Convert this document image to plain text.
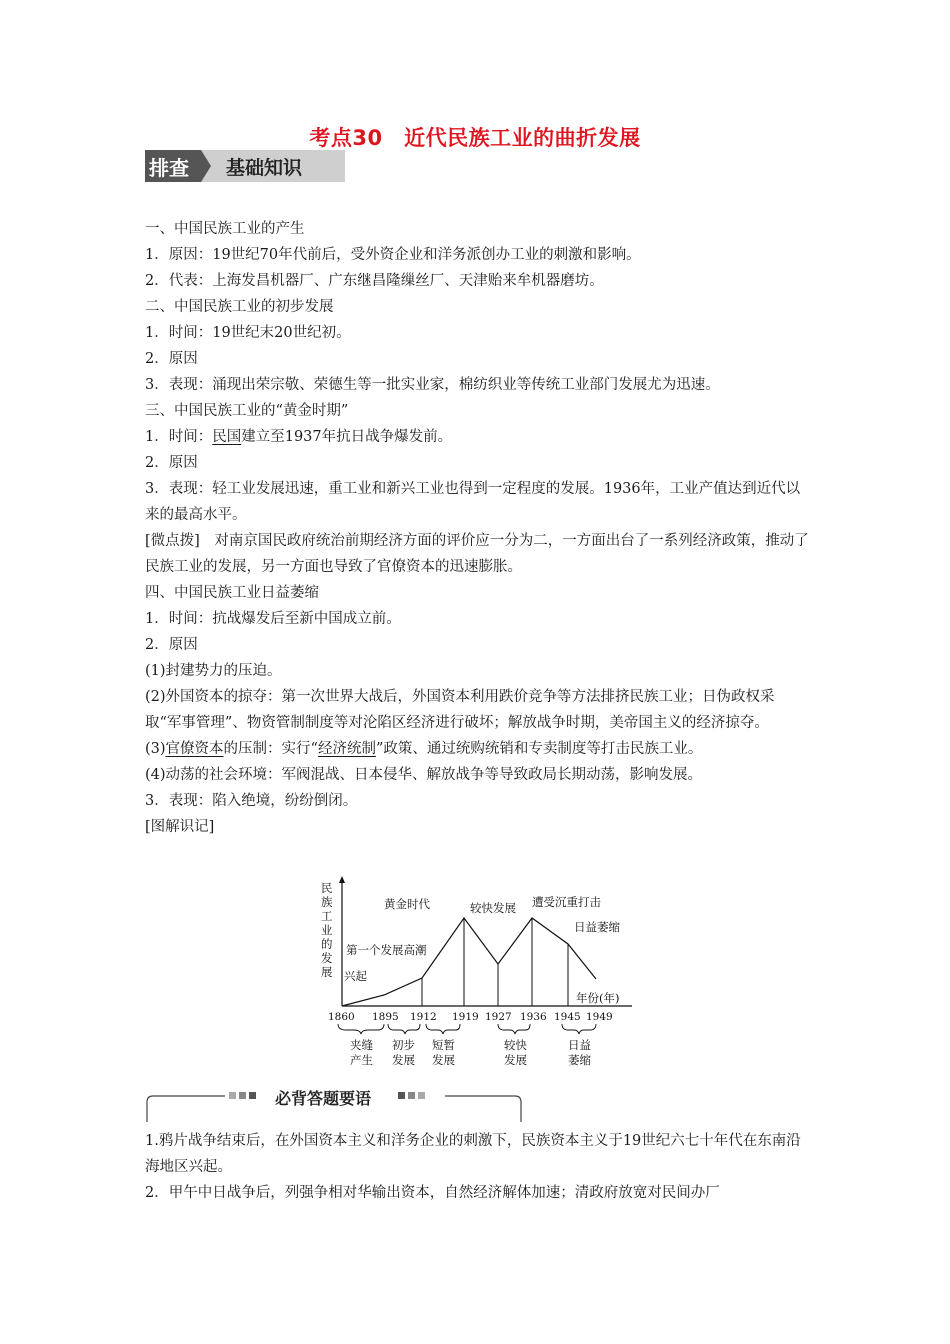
考点30　近代民族工业的曲折发展
排查 基础知识
一、中国民族工业的产生
1．原因：19世纪70年代前后，受外资企业和洋务派创办工业的刺激和影响。
2．代表：上海发昌机器厂、广东继昌隆缫丝厂、天津贻来牟机器磨坊。
二、中国民族工业的初步发展
1．时间：19世纪末20世纪初。
2．原因
3．表现：涌现出荣宗敬、荣德生等一批实业家，棉纺织业等传统工业部门发展尤为迅速。
三、中国民族工业的“黄金时期”
1．时间：民国建立至1937年抗日战争爆发前。
2．原因
3．表现：轻工业发展迅速，重工业和新兴工业也得到一定程度的发展。1936年，工业产值达到近代以来的最高水平。
[微点拨]　对南京国民政府统治前期经济方面的评价应一分为二，一方面出台了一系列经济政策，推动了民族工业的发展，另一方面也导致了官僚资本的迅速膨胀。
四、中国民族工业日益萎缩
1．时间：抗战爆发后至新中国成立前。
2．原因
(1)封建势力的压迫。
(2)外国资本的掠夺：第一次世界大战后，外国资本利用跌价竞争等方法排挤民族工业；日伪政权采取“军事管理”、物资管制制度等对沦陷区经济进行破坏；解放战争时期，美帝国主义的经济掠夺。
(3)官僚资本的压制：实行“经济统制”政策、通过统购统销和专卖制度等打击民族工业。
(4)动荡的社会环境：军阀混战、日本侵华、解放战争等导致政局长期动荡，影响发展。
3．表现：陷入绝境，纷纷倒闭。
[图解识记]
民
族
工
业
的
发
展 兴起
第一个发展高潮
黄金时代	较快发展 遭受沉重打击
日益萎缩
年份(年)
1860 1895 1912 1919 1927 1936 1945 1949
夹缝
产生
初步
发展
短暂
发展
较快
发展
日益
萎缩
必背答题要语
1.鸦片战争结束后，在外国资本主义和洋务企业的刺激下，民族资本主义于19世纪六七十年代在东南沿海地区兴起。
2．甲午中日战争后，列强争相对华输出资本，自然经济解体加速；清政府放宽对民间办厂
